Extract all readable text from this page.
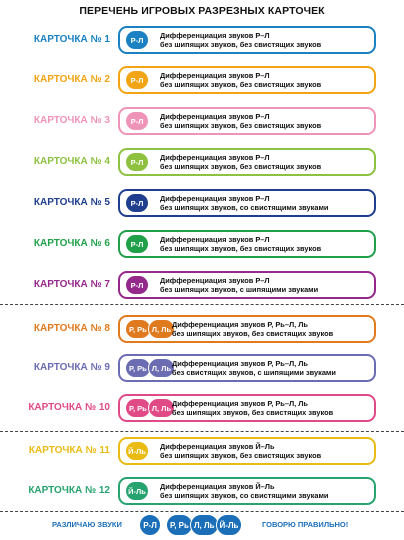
ПЕРЕЧЕНЬ ИГРОВЫХ РАЗРЕЗНЫХ КАРТОЧЕК
КАРТОЧКА № 1	Р-Л
Дифференциация звуков Р–Л
без шипящих звуков, без свистящих звуков
КАРТОЧКА № 2	Р-Л
Дифференциация звуков Р–Л
без шипящих звуков, без свистящих звуков
КАРТОЧКА № 3	Р-Л
Дифференциация звуков Р–Л
без шипящих звуков, без свистящих звуков
КАРТОЧКА № 4	Р-Л
Дифференциация звуков Р–Л
без шипящих звуков, без свистящих звуков
КАРТОЧКА № 5	Р-Л
Дифференциация звуков Р–Л
без шипящих звуков, со свистящими звуками
КАРТОЧКА № 6	Р-Л
Дифференциация звуков Р–Л
без шипящих звуков, без свистящих звуков
КАРТОЧКА № 7	Р-Л
Дифференциация звуков Р–Л
без шипящих звуков, с шипящими звуками
КАРТОЧКА № 8	Р, Рь Л, Ль
Дифференциация звуков Р, Рь–Л, Ль
без шипящих звуков, без свистящих звуков
КАРТОЧКА № 9	Р, Рь Л, Ль
Дифференциация звуков Р, Рь–Л, Ль
без свистящих звуков, с шипящими звуками
КАРТОЧКА № 10	Р, Рь Л, Ль
Дифференциация звуков Р, Рь–Л, Ль
без шипящих звуков, без свистящих звуков
КАРТОЧКА № 11	Й-Ль
Дифференциация звуков Й–Ль
без шипящих звуков, без свистящих звуков
КАРТОЧКА № 12	Й-Ль
Дифференциация звуков Й–Ль
без шипящих звуков, со свистящими звуками
РАЗЛИЧАЮ ЗВУКИ	Р-Л	Р, Рь Л, Ль Й-Ль	ГОВОРЮ ПРАВИЛЬНО!
